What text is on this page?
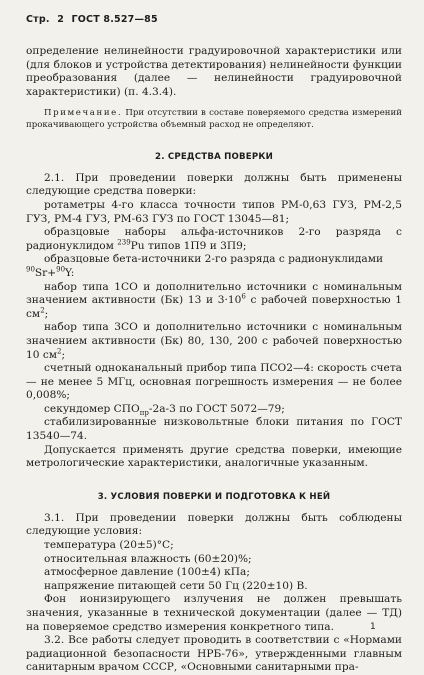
Стр. 2 ГОСТ 8.527—85

определение нелинейности градуировочной характеристики или (для блоков и устройства детектирования) нелинейности функции преобразования (далее — нелинейности градуировочной характеристики) (п. 4.3.4).

Примечание. При отсутствии в составе поверяемого средства измерений прокачивающего устройства объемный расход не определяют.

2. СРЕДСТВА ПОВЕРКИ

2.1. При проведении поверки должны быть применены следующие средства поверки:

ротаметры 4-го класса точности типов РМ-0,63 ГУЗ, РМ-2,5 ГУЗ, РМ-4 ГУЗ, РМ-63 ГУЗ по ГОСТ 13045—81;

образцовые наборы альфа-источников 2-го разряда с радионуклидом $^{239}$Pu типов 1П9 и 3П9;

образцовые бета-источники 2-го разряда с радионуклидами
$^{90}$Sr+$^{90}$Y:

набор типа 1СО и дополнительно источники с номинальным значением активности (Бк) 13 и $3\cdot 10^6$ с рабочей поверхностью 1 $см^2$;

набор типа 3СО и дополнительно источники с номинальным значением активности (Бк) 80, 130, 200 с рабочей поверхностью 10 $см^2$;

счетный одноканальный прибор типа ПСО2—4: скорость счета — не менее 5 МГц, основная погрешность измерения — не более 0,008%;

секундомер $СПО_{пр}-2а-3$ по ГОСТ 5072—79;

стабилизированные низковольтные блоки питания по ГОСТ 13540—74.

Допускается применять другие средства поверки, имеющие метрологические характеристики, аналогичные указанным.

3. УСЛОВИЯ ПОВЕРКИ И ПОДГОТОВКА К НЕЙ

3.1. При проведении поверки должны быть соблюдены следующие условия:

температура (20±5)°С;

относительная влажность (60±20)%;

атмосферное давление (100±4) кПа;

напряжение питающей сети 50 Гц (220±10) В.

Фон ионизирующего излучения не должен превышать значения, указанные в технической документации (далее — ТД) на поверяемое средство измерения конкретного типа.

3.2. Все работы следует проводить в соответствии с «Нормами радиационной безопасности НРБ-76», утвержденными главным санитарным врачом СССР, «Основными санитарными пра-

1
